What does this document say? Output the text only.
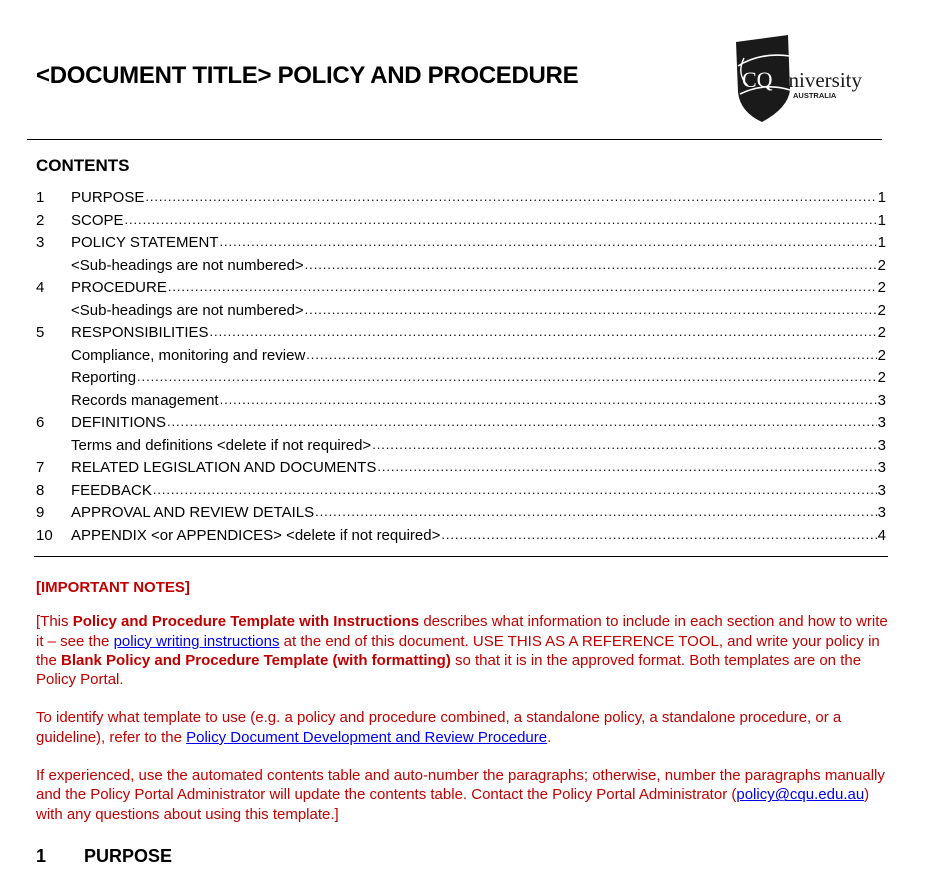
<DOCUMENT TITLE> POLICY AND PROCEDURE	CQ university
AUSTRALIA
CONTENTS
1	PURPOSE .....	1
2	SCOPE .....	1
3	POLICY STATEMENT .....	1
<Sub-headings are not numbered> .....	2
4	PROCEDURE .....	2
<Sub-headings are not numbered> .....	2
5	RESPONSIBILITIES .....	2
Compliance, monitoring and review .....	2
Reporting .....	2
Records management .....	3
6	DEFINITIONS .....	3
Terms and definitions <delete if not required> .....	3
7	RELATED LEGISLATION AND DOCUMENTS .....	3
8	FEEDBACK .....	3
9	APPROVAL AND REVIEW DETAILS .....	3
10	APPENDIX <or APPENDICES> <delete if not required> .....	4
[IMPORTANT NOTES]

[This Policy and Procedure Template with Instructions describes what information to include in each section and how to write it – see the policy writing instructions at the end of this document. USE THIS AS A REFERENCE TOOL, and write your policy in the Blank Policy and Procedure Template (with formatting) so that it is in the approved format. Both templates are on the Policy Portal.

To identify what template to use (e.g. a policy and procedure combined, a standalone policy, a standalone procedure, or a guideline), refer to the Policy Document Development and Review Procedure.

If experienced, use the automated contents table and auto-number the paragraphs; otherwise, number the paragraphs manually and the Policy Portal Administrator will update the contents table. Contact the Policy Portal Administrator (policy@cqu.edu.au) with any questions about using this template.]

1 PURPOSE
